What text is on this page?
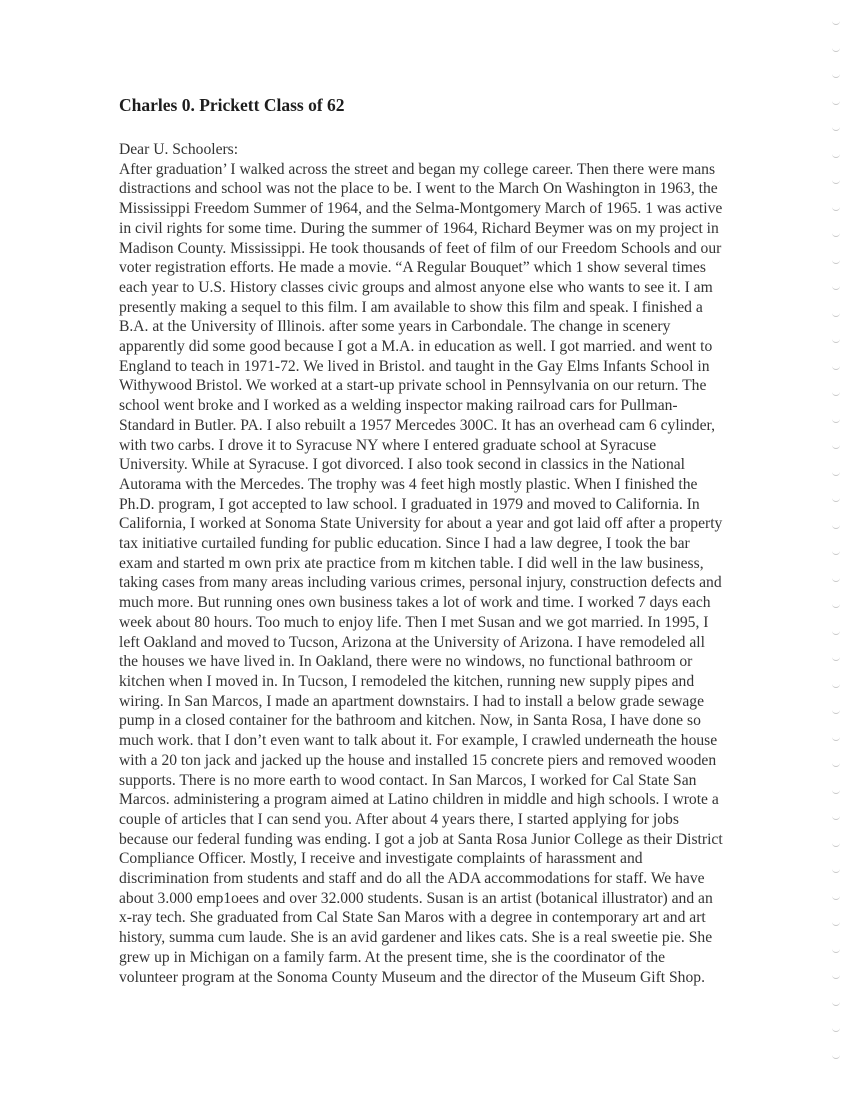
Charles 0. Prickett Class of 62
Dear U. Schoolers:
After graduation’ I walked across the street and began my college career. Then there were mans
distractions and school was not the place to be. I went to the March On Washington in 1963, the
Mississippi Freedom Summer of 1964, and the Selma-Montgomery March of 1965. 1 was active
in civil rights for some time. During the summer of 1964, Richard Beymer was on my project in
Madison County. Mississippi. He took thousands of feet of film of our Freedom Schools and our
voter registration efforts. He made a movie. “A Regular Bouquet” which 1 show several times
each year to U.S. History classes civic groups and almost anyone else who wants to see it. I am
presently making a sequel to this film. I am available to show this film and speak. I finished a
B.A. at the University of Illinois. after some years in Carbondale. The change in scenery
apparently did some good because I got a M.A. in education as well. I got married. and went to
England to teach in 1971-72. We lived in Bristol. and taught in the Gay Elms Infants School in
Withywood Bristol. We worked at a start-up private school in Pennsylvania on our return. The
school went broke and I worked as a welding inspector making railroad cars for Pullman-
Standard in Butler. PA. I also rebuilt a 1957 Mercedes 300C. It has an overhead cam 6 cylinder,
with two carbs. I drove it to Syracuse NY where I entered graduate school at Syracuse
University. While at Syracuse. I got divorced. I also took second in classics in the National
Autorama with the Mercedes. The trophy was 4 feet high mostly plastic. When I finished the
Ph.D. program, I got accepted to law school. I graduated in 1979 and moved to California. In
California, I worked at Sonoma State University for about a year and got laid off after a property
tax initiative curtailed funding for public education. Since I had a law degree, I took the bar
exam and started m own prix ate practice from m kitchen table. I did well in the law business,
taking cases from many areas including various crimes, personal injury, construction defects and
much more. But running ones own business takes a lot of work and time. I worked 7 days each
week about 80 hours. Too much to enjoy life. Then I met Susan and we got married. In 1995, I
left Oakland and moved to Tucson, Arizona at the University of Arizona. I have remodeled all
the houses we have lived in. In Oakland, there were no windows, no functional bathroom or
kitchen when I moved in. In Tucson, I remodeled the kitchen, running new supply pipes and
wiring. In San Marcos, I made an apartment downstairs. I had to install a below grade sewage
pump in a closed container for the bathroom and kitchen. Now, in Santa Rosa, I have done so
much work. that I don’t even want to talk about it. For example, I crawled underneath the house
with a 20 ton jack and jacked up the house and installed 15 concrete piers and removed wooden
supports. There is no more earth to wood contact. In San Marcos, I worked for Cal State San
Marcos. administering a program aimed at Latino children in middle and high schools. I wrote a
couple of articles that I can send you. After about 4 years there, I started applying for jobs
because our federal funding was ending. I got a job at Santa Rosa Junior College as their District
Compliance Officer. Mostly, I receive and investigate complaints of harassment and
discrimination from students and staff and do all the ADA accommodations for staff. We have
about 3.000 emp1oees and over 32.000 students. Susan is an artist (botanical illustrator) and an
x-ray tech. She graduated from Cal State San Maros with a degree in contemporary art and art
history, summa cum laude. She is an avid gardener and likes cats. She is a real sweetie pie. She
grew up in Michigan on a family farm. At the present time, she is the coordinator of the
volunteer program at the Sonoma County Museum and the director of the Museum Gift Shop.
